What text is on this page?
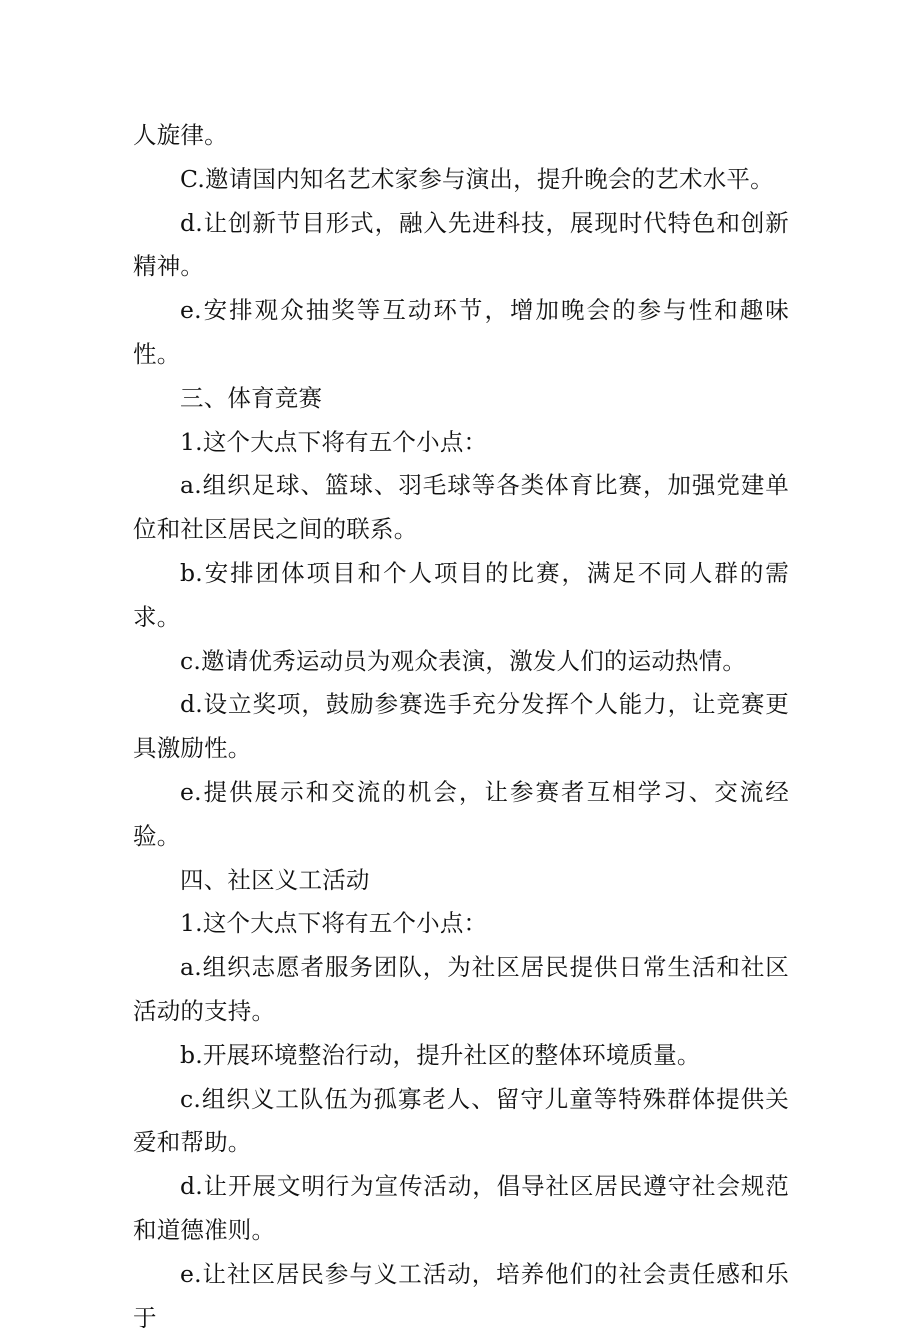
人旋律。

C.邀请国内知名艺术家参与演出，提升晚会的艺术水平。

d.让创新节目形式，融入先进科技，展现时代特色和创新精神。

e.安排观众抽奖等互动环节，增加晚会的参与性和趣味性。

三、体育竞赛

1.这个大点下将有五个小点：

a.组织足球、篮球、羽毛球等各类体育比赛，加强党建单位和社区居民之间的联系。

b.安排团体项目和个人项目的比赛，满足不同人群的需求。

c.邀请优秀运动员为观众表演，激发人们的运动热情。

d.设立奖项，鼓励参赛选手充分发挥个人能力，让竞赛更具激励性。

e.提供展示和交流的机会，让参赛者互相学习、交流经验。

四、社区义工活动

1.这个大点下将有五个小点：

a.组织志愿者服务团队，为社区居民提供日常生活和社区活动的支持。

b.开展环境整治行动，提升社区的整体环境质量。

c.组织义工队伍为孤寡老人、留守儿童等特殊群体提供关爱和帮助。

d.让开展文明行为宣传活动，倡导社区居民遵守社会规范和道德准则。

e.让社区居民参与义工活动，培养他们的社会责任感和乐于
